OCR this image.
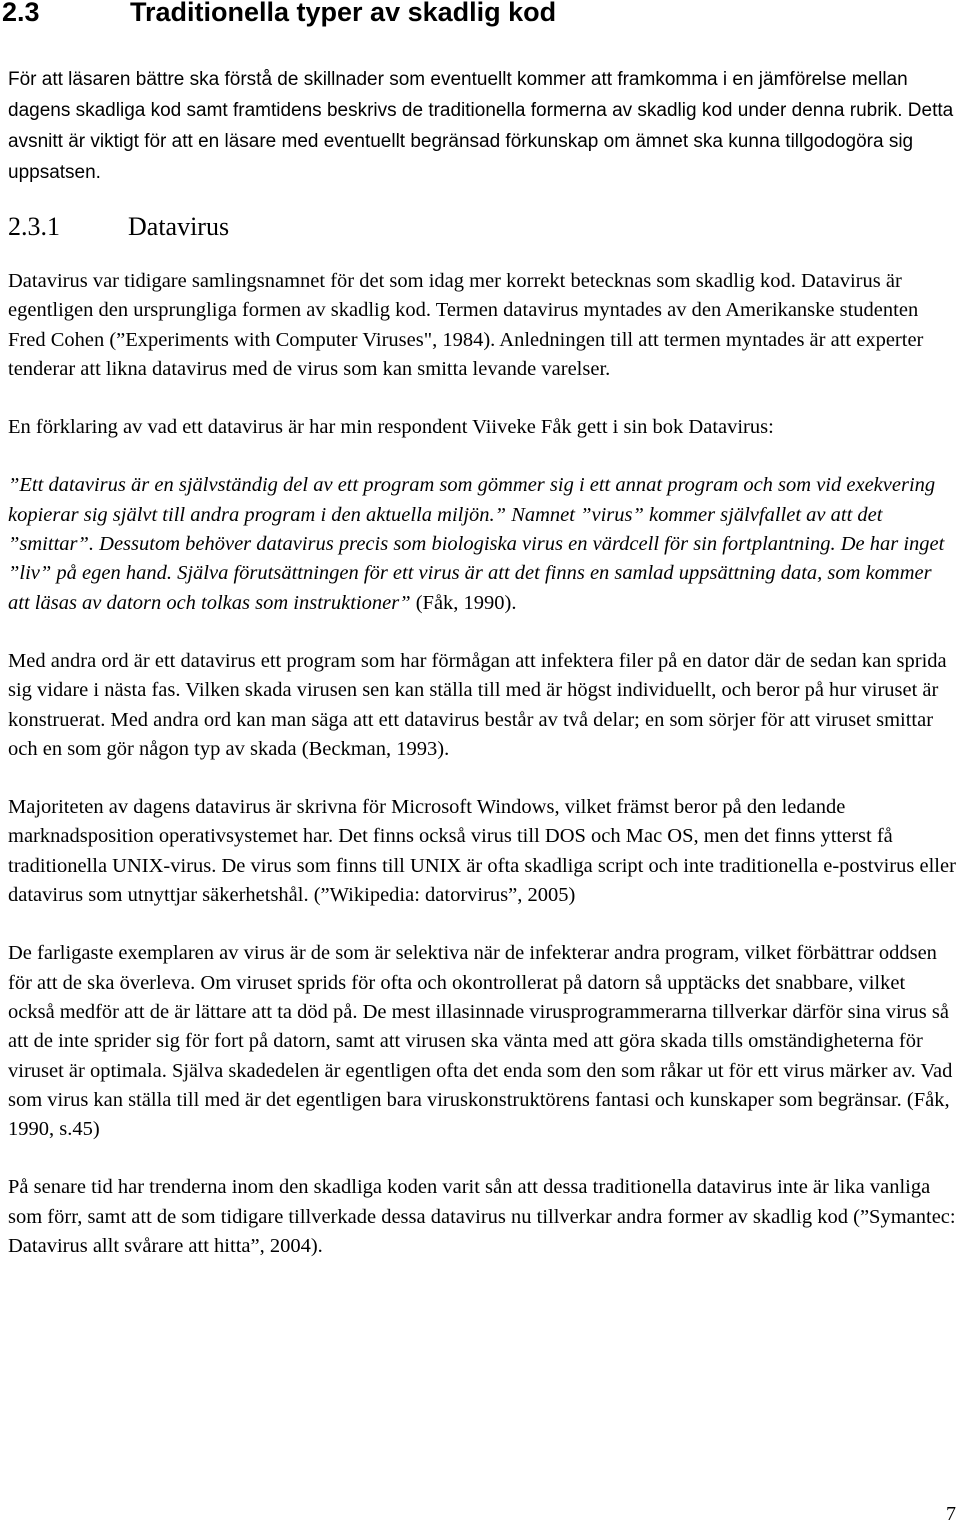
2.3	Traditionella typer av skadlig kod

För att läsaren bättre ska förstå de skillnader som eventuellt kommer att framkomma i en jämförelse mellan dagens skadliga kod samt framtidens beskrivs de traditionella formerna av skadlig kod under denna rubrik. Detta avsnitt är viktigt för att en läsare med eventuellt begränsad förkunskap om ämnet ska kunna tillgodogöra sig uppsatsen.

2.3.1	Datavirus

Datavirus var tidigare samlingsnamnet för det som idag mer korrekt betecknas som skadlig kod. Datavirus är egentligen den ursprungliga formen av skadlig kod. Termen datavirus myntades av den Amerikanske studenten Fred Cohen (”Experiments with Computer Viruses", 1984). Anledningen till att termen myntades är att experter tenderar att likna datavirus med de virus som kan smitta levande varelser.

En förklaring av vad ett datavirus är har min respondent Viiveke Fåk gett i sin bok Datavirus:

”Ett datavirus är en självständig del av ett program som gömmer sig i ett annat program och som vid exekvering kopierar sig självt till andra program i den aktuella miljön.” Namnet ”virus” kommer självfallet av att det ”smittar”. Dessutom behöver datavirus precis som biologiska virus en värdcell för sin fortplantning. De har inget ”liv” på egen hand. Själva förutsättningen för ett virus är att det finns en samlad uppsättning data, som kommer att läsas av datorn och tolkas som instruktioner” (Fåk, 1990).

Med andra ord är ett datavirus ett program som har förmågan att infektera filer på en dator där de sedan kan sprida sig vidare i nästa fas. Vilken skada virusen sen kan ställa till med är högst individuellt, och beror på hur viruset är konstruerat. Med andra ord kan man säga att ett datavirus består av två delar; en som sörjer för att viruset smittar och en som gör någon typ av skada (Beckman, 1993).

Majoriteten av dagens datavirus är skrivna för Microsoft Windows, vilket främst beror på den ledande marknadsposition operativsystemet har. Det finns också virus till DOS och Mac OS, men det finns ytterst få traditionella UNIX-virus. De virus som finns till UNIX är ofta skadliga script och inte traditionella e-postvirus eller datavirus som utnyttjar säkerhetshål. (”Wikipedia: datorvirus”, 2005)

De farligaste exemplaren av virus är de som är selektiva när de infekterar andra program, vilket förbättrar oddsen för att de ska överleva. Om viruset sprids för ofta och okontrollerat på datorn så upptäcks det snabbare, vilket också medför att de är lättare att ta död på. De mest illasinnade virusprogrammerarna tillverkar därför sina virus så att de inte sprider sig för fort på datorn, samt att virusen ska vänta med att göra skada tills omständigheterna för viruset är optimala. Själva skadedelen är egentligen ofta det enda som den som råkar ut för ett virus märker av. Vad som virus kan ställa till med är det egentligen bara viruskonstruktörens fantasi och kunskaper som begränsar. (Fåk, 1990, s.45)

På senare tid har trenderna inom den skadliga koden varit sån att dessa traditionella datavirus inte är lika vanliga som förr, samt att de som tidigare tillverkade dessa datavirus nu tillverkar andra former av skadlig kod (”Symantec: Datavirus allt svårare att hitta”, 2004).

7
